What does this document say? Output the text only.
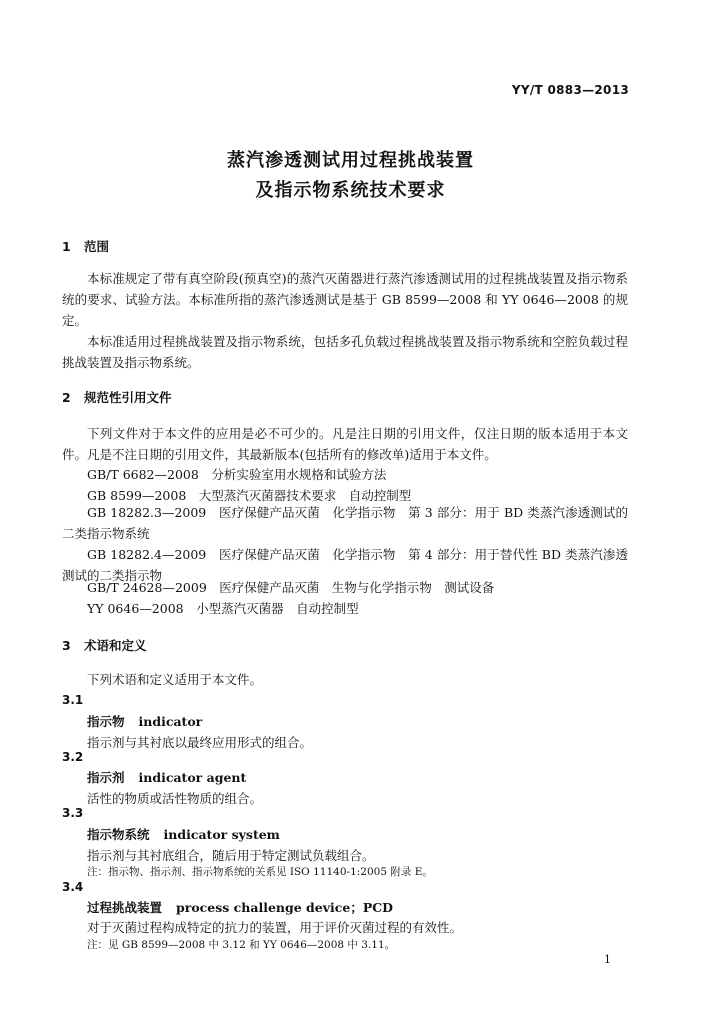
YY/T 0883—2013
蒸汽渗透测试用过程挑战装置
及指示物系统技术要求
1 范围
本标准规定了带有真空阶段(预真空)的蒸汽灭菌器进行蒸汽渗透测试用的过程挑战装置及指示物系统的要求、试验方法。本标准所指的蒸汽渗透测试是基于 GB 8599—2008 和 YY 0646—2008 的规定。
本标准适用过程挑战装置及指示物系统，包括多孔负载过程挑战装置及指示物系统和空腔负载过程挑战装置及指示物系统。
2 规范性引用文件
下列文件对于本文件的应用是必不可少的。凡是注日期的引用文件，仅注日期的版本适用于本文件。凡是不注日期的引用文件，其最新版本(包括所有的修改单)适用于本文件。
GB/T 6682—2008　分析实验室用水规格和试验方法
GB 8599—2008　大型蒸汽灭菌器技术要求　自动控制型
GB 18282.3—2009　医疗保健产品灭菌　化学指示物　第 3 部分：用于 BD 类蒸汽渗透测试的二类指示物系统
GB 18282.4—2009　医疗保健产品灭菌　化学指示物　第 4 部分：用于替代性 BD 类蒸汽渗透测试的二类指示物
GB/T 24628—2009　医疗保健产品灭菌　生物与化学指示物　测试设备
YY 0646—2008　小型蒸汽灭菌器　自动控制型
3 术语和定义
下列术语和定义适用于本文件。
3.1
指示物 indicator
指示剂与其衬底以最终应用形式的组合。
3.2
指示剂 indicator agent
活性的物质或活性物质的组合。
3.3
指示物系统 indicator system
指示剂与其衬底组合，随后用于特定测试负载组合。
注：指示物、指示剂、指示物系统的关系见 ISO 11140-1:2005 附录 E。
3.4
过程挑战装置 process challenge device；PCD
对于灭菌过程构成特定的抗力的装置，用于评价灭菌过程的有效性。
注：见 GB 8599—2008 中 3.12 和 YY 0646—2008 中 3.11。
1
